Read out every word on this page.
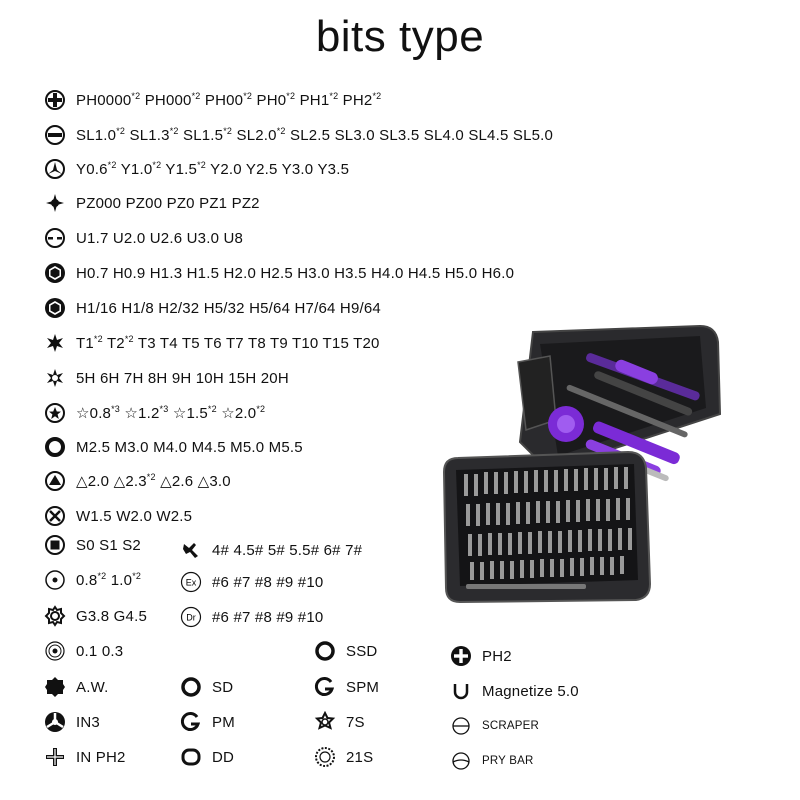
bits type
PH0000$^{*2}$ PH000$^{*2}$ PH00$^{*2}$ PH0$^{*2}$ PH1$^{*2}$ PH2$^{*2}$
SL1.0$^{*2}$ SL1.3$^{*2}$ SL1.5$^{*2}$ SL2.0$^{*2}$ SL2.5 SL3.0 SL3.5 SL4.0 SL4.5 SL5.0
Y0.6$^{*2}$ Y1.0$^{*2}$ Y1.5$^{*2}$ Y2.0 Y2.5 Y3.0 Y3.5
PZ000 PZ00 PZ0 PZ1 PZ2
U1.7 U2.0 U2.6 U3.0 U8
H0.7 H0.9 H1.3 H1.5 H2.0 H2.5 H3.0 H3.5 H4.0 H4.5 H5.0 H6.0
H1/16 H1/8 H2/32 H5/32 H5/64 H7/64 H9/64
T1$^{*2}$ T2$^{*2}$ T3 T4 T5 T6 T7 T8 T9 T10 T15 T20
5H 6H 7H 8H 9H 10H 15H 20H
☆0.8$^{*3}$ ☆1.2$^{*3}$ ☆1.5$^{*2}$ ☆2.0$^{*2}$
M2.5 M3.0 M4.0 M4.5 M5.0 M5.5
△2.0 △2.3$^{*2}$ △2.6 △3.0
W1.5 W2.0 W2.5
S0 S1 S2	4# 4.5# 5# 5.5# 6# 7#
0.8$^{*2}$ 1.0$^{*2}$
Ex #6 #7 #8 #9 #10
G3.8 G4.5	Dr #6 #7 #8 #9 #10
0.1 0.3
A.W.
IN3
IN PH2
SD
PM
DD
SSD
SPM
7S
21S
PH2
Magnetize 5.0
SCRAPER
PRY BAR
